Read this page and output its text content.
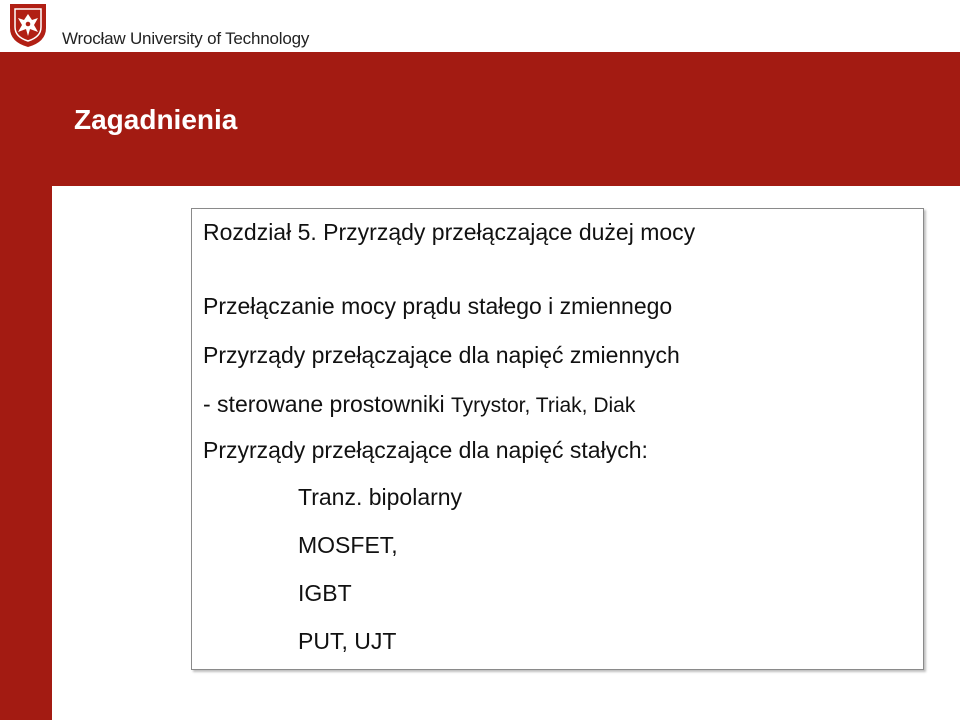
Wrocław University of Technology
Zagadnienia
Rozdział 5. Przyrządy przełączające dużej mocy
Przełączanie mocy prądu stałego i zmiennego
Przyrządy przełączające dla napięć zmiennych
- sterowane prostowniki Tyrystor, Triak, Diak
Przyrządy przełączające dla napięć stałych:
Tranz. bipolarny
MOSFET,
IGBT
PUT, UJT
